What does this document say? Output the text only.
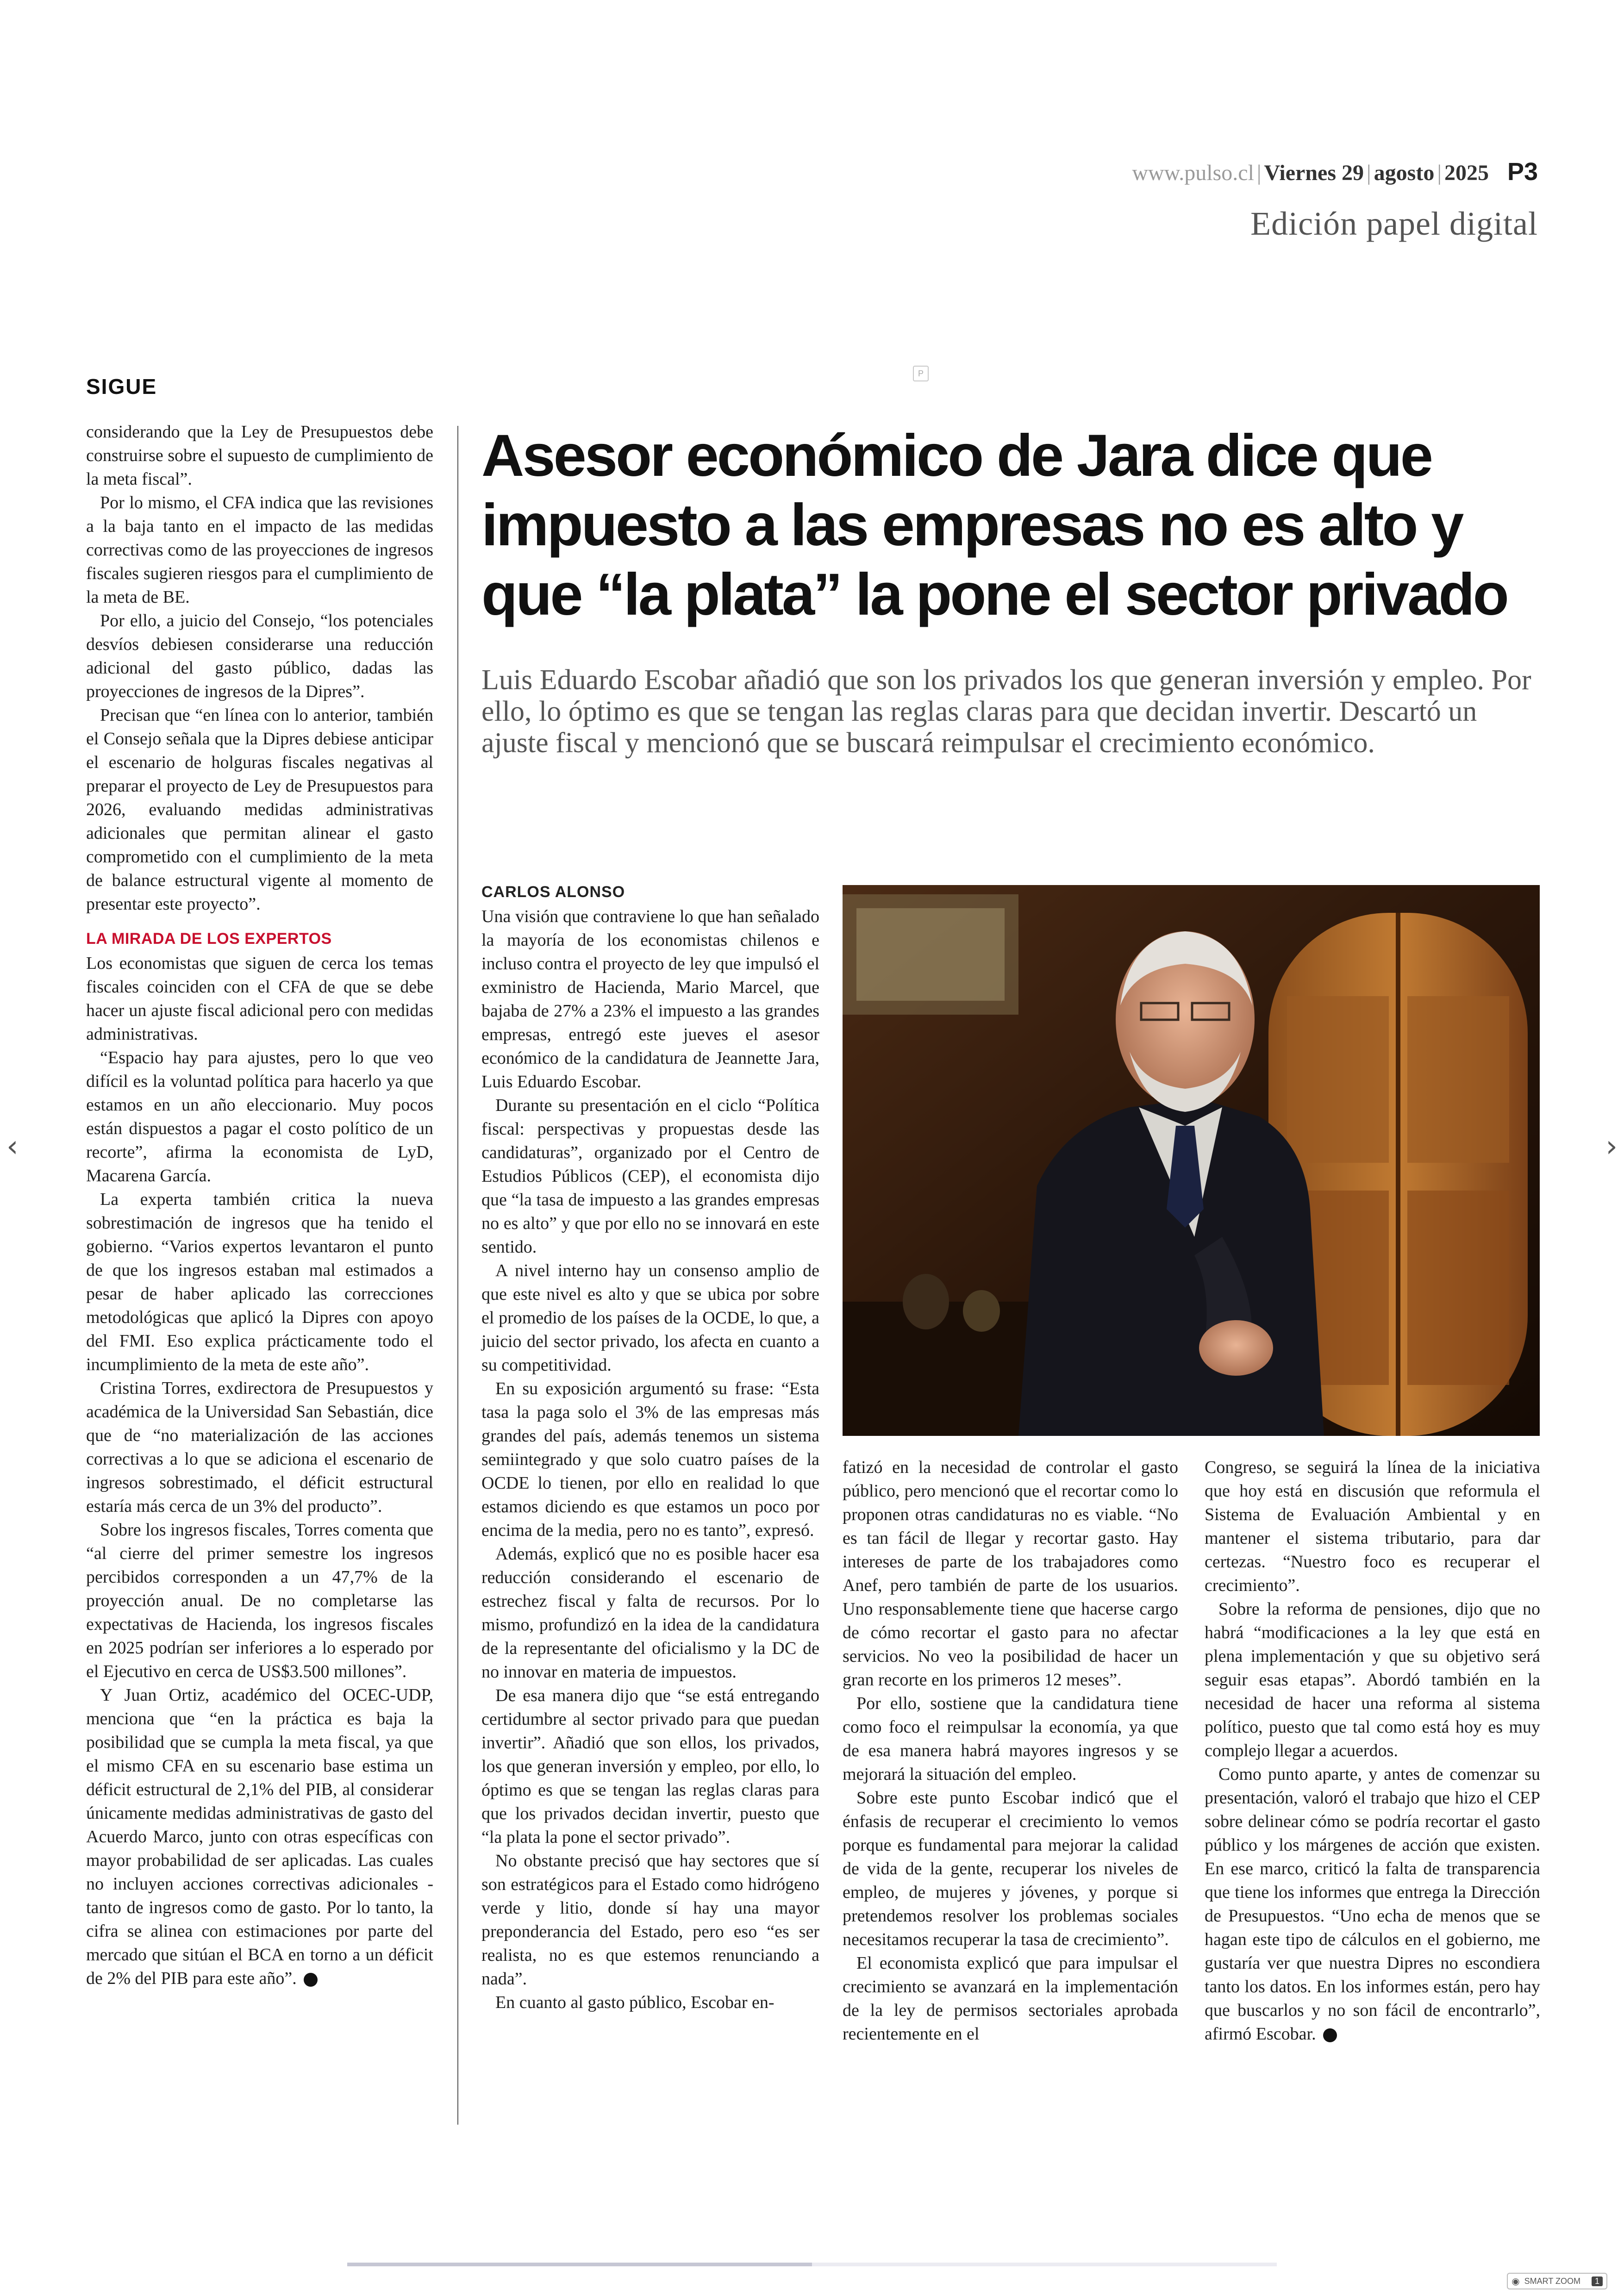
www.pulso.cl | Viernes 29 | agosto | 2025 P3
Edición papel digital
P
SIGUE

considerando que la Ley de Presupuestos debe construirse sobre el supuesto de cumplimiento de la meta fiscal”.

Por lo mismo, el CFA indica que las revisiones a la baja tanto en el impacto de las medidas correctivas como de las proyecciones de ingresos fiscales sugieren riesgos para el cumplimiento de la meta de BE.

Por ello, a juicio del Consejo, “los potenciales desvíos debiesen considerarse una reducción adicional del gasto público, dadas las proyecciones de ingresos de la Dipres”.

Precisan que “en línea con lo anterior, también el Consejo señala que la Dipres debiese anticipar el escenario de holguras fiscales negativas al preparar el proyecto de Ley de Presupuestos para 2026, evaluando medidas administrativas adicionales que permitan alinear el gasto comprometido con el cumplimiento de la meta de balance estructural vigente al momento de presentar este proyecto”.

LA MIRADA DE LOS EXPERTOS

Los economistas que siguen de cerca los temas fiscales coinciden con el CFA de que se debe hacer un ajuste fiscal adicional pero con medidas administrativas.

“Espacio hay para ajustes, pero lo que veo difícil es la voluntad política para hacerlo ya que estamos en un año eleccionario. Muy pocos están dispuestos a pagar el costo político de un recorte”, afirma la economista de LyD, Macarena García.

La experta también critica la nueva sobrestimación de ingresos que ha tenido el gobierno. “Varios expertos levantaron el punto de que los ingresos estaban mal estimados a pesar de haber aplicado las correcciones metodológicas que aplicó la Dipres con apoyo del FMI. Eso explica prácticamente todo el incumplimiento de la meta de este año”.

Cristina Torres, exdirectora de Presupuestos y académica de la Universidad San Sebastián, dice que de “no materialización de las acciones correctivas a lo que se adiciona el escenario de ingresos sobrestimado, el déficit estructural estaría más cerca de un 3% del producto”.

Sobre los ingresos fiscales, Torres comenta que “al cierre del primer semestre los ingresos percibidos corresponden a un 47,7% de la proyección anual. De no completarse las expectativas de Hacienda, los ingresos fiscales en 2025 podrían ser inferiores a lo esperado por el Ejecutivo en cerca de US$3.500 millones”.

Y Juan Ortiz, académico del OCEC-UDP, menciona que “en la práctica es baja la posibilidad que se cumpla la meta fiscal, ya que el mismo CFA en su escenario base estima un déficit estructural de 2,1% del PIB, al considerar únicamente medidas administrativas de gasto del Acuerdo Marco, junto con otras específicas con mayor probabilidad de ser aplicadas. Las cuales no incluyen acciones correctivas adicionales -tanto de ingresos como de gasto. Por lo tanto, la cifra se alinea con estimaciones por parte del mercado que sitúan el BCA en torno a un déficit de 2% del PIB para este año”. P

Asesor económico de Jara dice que impuesto a las empresas no es alto y que “la plata” la pone el sector privado

Luis Eduardo Escobar añadió que son los privados los que generan inversión y empleo. Por ello, lo óptimo es que se tengan las reglas claras para que decidan invertir. Descartó un ajuste fiscal y mencionó que se buscará reimpulsar el crecimiento económico.

CARLOS ALONSO

Una visión que contraviene lo que han señalado la mayoría de los economistas chilenos e incluso contra el proyecto de ley que impulsó el exministro de Hacienda, Mario Marcel, que bajaba de 27% a 23% el impuesto a las grandes empresas, entregó este jueves el asesor económico de la candidatura de Jeannette Jara, Luis Eduardo Escobar.

Durante su presentación en el ciclo “Política fiscal: perspectivas y propuestas desde las candidaturas”, organizado por el Centro de Estudios Públicos (CEP), el economista dijo que “la tasa de impuesto a las grandes empresas no es alto” y que por ello no se innovará en este sentido.

A nivel interno hay un consenso amplio de que este nivel es alto y que se ubica por sobre el promedio de los países de la OCDE, lo que, a juicio del sector privado, los afecta en cuanto a su competitividad.

En su exposición argumentó su frase: “Esta tasa la paga solo el 3% de las empresas más grandes del país, además tenemos un sistema semiintegrado y que solo cuatro países de la OCDE lo tienen, por ello en realidad lo que estamos diciendo es que estamos un poco por encima de la media, pero no es tanto”, expresó.

Además, explicó que no es posible hacer esa reducción considerando el escenario de estrechez fiscal y falta de recursos. Por lo mismo, profundizó en la idea de la candidatura de la representante del oficialismo y la DC de no innovar en materia de impuestos.

De esa manera dijo que “se está entregando certidumbre al sector privado para que puedan invertir”. Añadió que son ellos, los privados, los que generan inversión y empleo, por ello, lo óptimo es que se tengan las reglas claras para que los privados decidan invertir, puesto que “la plata la pone el sector privado”.

No obstante precisó que hay sectores que sí son estratégicos para el Estado como hidrógeno verde y litio, donde sí hay una mayor preponderancia del Estado, pero eso “es ser realista, no es que estemos renunciando a nada”.

En cuanto al gasto público, Escobar en-

fatizó en la necesidad de controlar el gasto público, pero mencionó que el recortar como lo proponen otras candidaturas no es viable. “No es tan fácil de llegar y recortar gasto. Hay intereses de parte de los trabajadores como Anef, pero también de parte de los usuarios. Uno responsablemente tiene que hacerse cargo de cómo recortar el gasto para no afectar servicios. No veo la posibilidad de hacer un gran recorte en los primeros 12 meses”.

Por ello, sostiene que la candidatura tiene como foco el reimpulsar la economía, ya que de esa manera habrá mayores ingresos y se mejorará la situación del empleo.

Sobre este punto Escobar indicó que el énfasis de recuperar el crecimiento lo vemos porque es fundamental para mejorar la calidad de vida de la gente, recuperar los niveles de empleo, de mujeres y jóvenes, y porque si pretendemos resolver los problemas sociales necesitamos recuperar la tasa de crecimiento”.

El economista explicó que para impulsar el crecimiento se avanzará en la implementación de la ley de permisos sectoriales aprobada recientemente en el

Congreso, se seguirá la línea de la iniciativa que hoy está en discusión que reformula el Sistema de Evaluación Ambiental y en mantener el sistema tributario, para dar certezas. “Nuestro foco es recuperar el crecimiento”.

Sobre la reforma de pensiones, dijo que no habrá “modificaciones a la ley que está en plena implementación y que su objetivo será seguir esas etapas”. Abordó también en la necesidad de hacer una reforma al sistema político, puesto que tal como está hoy es muy complejo llegar a acuerdos.

Como punto aparte, y antes de comenzar su presentación, valoró el trabajo que hizo el CEP sobre delinear cómo se podría recortar el gasto público y los márgenes de acción que existen. En ese marco, criticó la falta de transparencia que tiene los informes que entrega la Dirección de Presupuestos. “Uno echa de menos que se hagan este tipo de cálculos en el gobierno, me gustaría ver que nuestra Dipres no escondiera tanto los datos. En los informes están, pero hay que buscarlos y no son fácil de encontrarlo”, afirmó Escobar. P

‹	›
◉ SMART ZOOM	1
